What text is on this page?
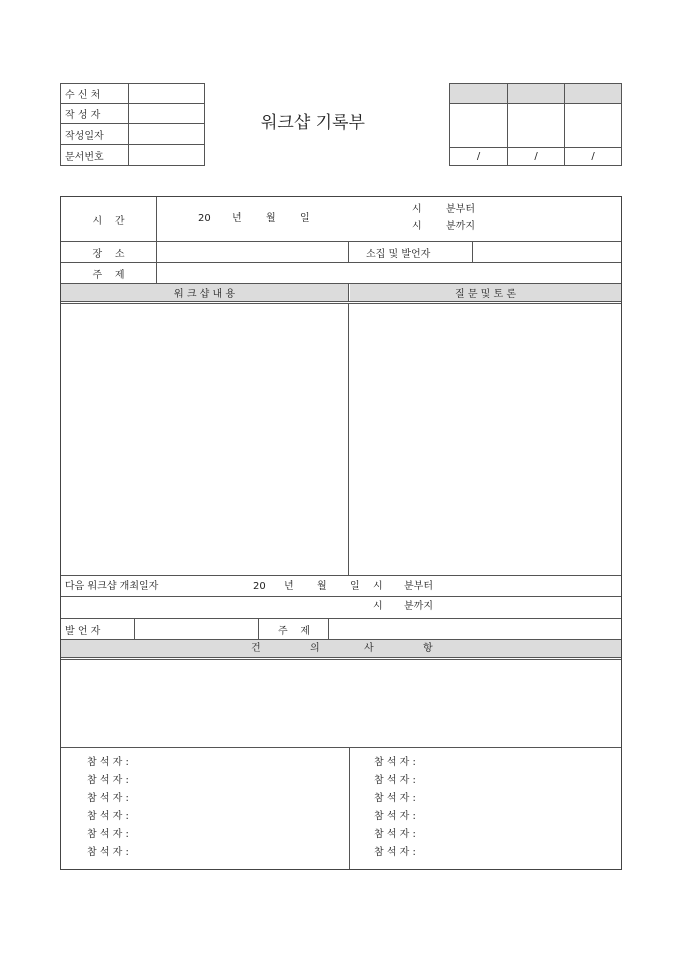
워크샵 기록부
수 신 처
작 성 자
작성일자
문서번호	/	/	/
시    간	20 년 월 일
시 분부터
시 분까지
장    소	소집 및 발언자
주    제
워 크 샵 내 용	질 문 및 토 론
다음 워크샵 개최일자	20 년 월 일 시 분부터
시 분까지
발 언 자	주    제
건	의	사	항
참 석 자 :
참 석 자 :
참 석 자 :
참 석 자 :
참 석 자 :
참 석 자 :
참 석 자 :
참 석 자 :
참 석 자 :
참 석 자 :
참 석 자 :
참 석 자 :
